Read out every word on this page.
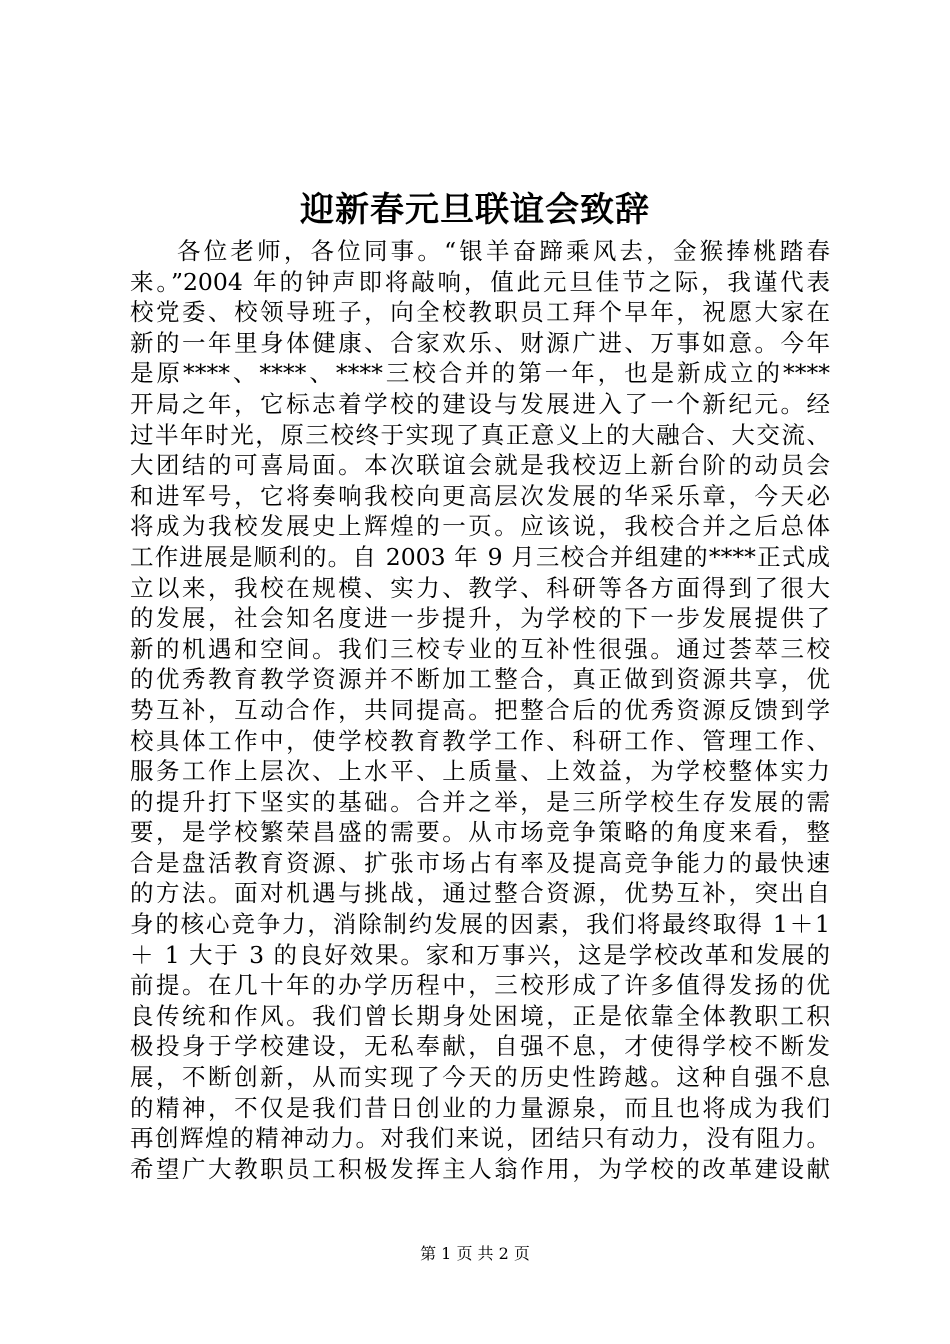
迎新春元旦联谊会致辞
各位老师，各位同事。“银羊奋蹄乘风去，金猴捧桃踏春
来。”2004 年的钟声即将敲响，值此元旦佳节之际，我谨代表
校党委、校领导班子，向全校教职员工拜个早年，祝愿大家在
新的一年里身体健康、合家欢乐、财源广进、万事如意。今年
是原****、****、****三校合并的第一年，也是新成立的****
开局之年，它标志着学校的建设与发展进入了一个新纪元。经
过半年时光，原三校终于实现了真正意义上的大融合、大交流、
大团结的可喜局面。本次联谊会就是我校迈上新台阶的动员会
和进军号，它将奏响我校向更高层次发展的华采乐章，今天必
将成为我校发展史上辉煌的一页。应该说，我校合并之后总体
工作进展是顺利的。自 2003 年 9 月三校合并组建的****正式成
立以来，我校在规模、实力、教学、科研等各方面得到了很大
的发展，社会知名度进一步提升，为学校的下一步发展提供了
新的机遇和空间。我们三校专业的互补性很强。通过荟萃三校
的优秀教育教学资源并不断加工整合，真正做到资源共享，优
势互补，互动合作，共同提高。把整合后的优秀资源反馈到学
校具体工作中，使学校教育教学工作、科研工作、管理工作、
服务工作上层次、上水平、上质量、上效益，为学校整体实力
的提升打下坚实的基础。合并之举，是三所学校生存发展的需
要，是学校繁荣昌盛的需要。从市场竞争策略的角度来看，整
合是盘活教育资源、扩张市场占有率及提高竞争能力的最快速
的方法。面对机遇与挑战，通过整合资源，优势互补，突出自
身的核心竞争力，消除制约发展的因素，我们将最终取得 1＋1
＋ 1 大于 3 的良好效果。家和万事兴，这是学校改革和发展的
前提。在几十年的办学历程中，三校形成了许多值得发扬的优
良传统和作风。我们曾长期身处困境，正是依靠全体教职工积
极投身于学校建设，无私奉献，自强不息，才使得学校不断发
展，不断创新，从而实现了今天的历史性跨越。这种自强不息
的精神，不仅是我们昔日创业的力量源泉，而且也将成为我们
再创辉煌的精神动力。对我们来说，团结只有动力，没有阻力。
希望广大教职员工积极发挥主人翁作用，为学校的改革建设献
第 1 页 共 2 页
